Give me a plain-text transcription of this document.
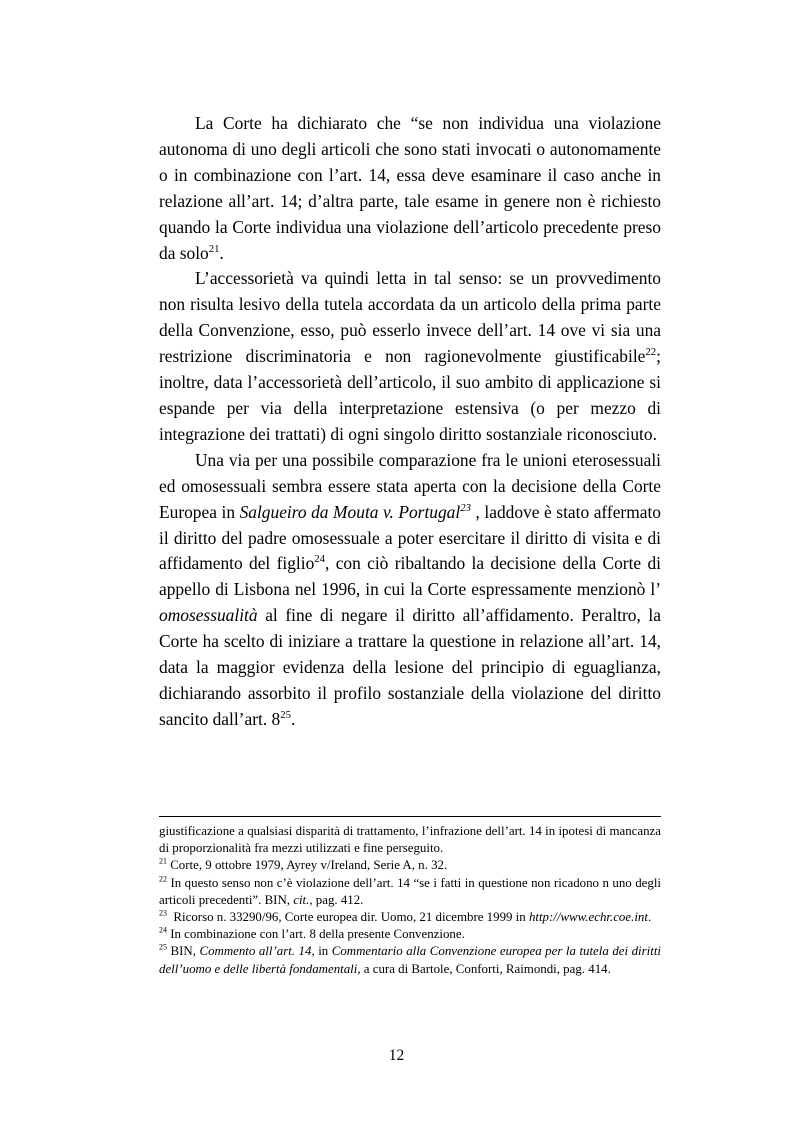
La Corte ha dichiarato che “se non individua una violazione autonoma di uno degli articoli che sono stati invocati o autonomamente o in combinazione con l’art. 14, essa deve esaminare il caso anche in relazione all’art. 14; d’altra parte, tale esame in genere non è richiesto quando la Corte individua una violazione dell’articolo precedente preso da solo$^{21}$.

L’accessorietà va quindi letta in tal senso: se un provvedimento non risulta lesivo della tutela accordata da un articolo della prima parte della Convenzione, esso, può esserlo invece dell’art. 14 ove vi sia una restrizione discriminatoria e non ragionevolmente giustificabile$^{22}$; inoltre, data l’accessorietà dell’articolo, il suo ambito di applicazione si espande per via della interpretazione estensiva (o per mezzo di integrazione dei trattati) di ogni singolo diritto sostanziale riconosciuto.

Una via per una possibile comparazione fra le unioni eterosessuali ed omosessuali sembra essere stata aperta con la decisione della Corte Europea in Salgueiro da Mouta v. Portugal$^{23}$ , laddove è stato affermato il diritto del padre omosessuale a poter esercitare il diritto di visita e di affidamento del figlio$^{24}$, con ciò ribaltando la decisione della Corte di appello di Lisbona nel 1996, in cui la Corte espressamente menzionò l’ omosessualità al fine di negare il diritto all’affidamento. Peraltro, la Corte ha scelto di iniziare a trattare la questione in relazione all’art. 14, data la maggior evidenza della lesione del principio di eguaglianza, dichiarando assorbito il profilo sostanziale della violazione del diritto sancito dall’art. $8^{25}$.

giustificazione a qualsiasi disparità di trattamento, l’infrazione dell’art. 14 in ipotesi di mancanza di proporzionalità fra mezzi utilizzati e fine perseguito.

$^{21}$ Corte, 9 ottobre 1979, Ayrey v/Ireland, Serie A, n. 32.

$^{22}$ In questo senso non c’è violazione dell’art. 14 “se i fatti in questione non ricadono n uno degli articoli precedenti”. BIN, cit., pag. 412.

$^{23}$  Ricorso n. 33290/96, Corte europea dir. Uomo, 21 dicembre 1999 in http://www.echr.coe.int.

$^{24}$ In combinazione con l’art. 8 della presente Convenzione.

$^{25}$ BIN, Commento all’art. 14, in Commentario alla Convenzione europea per la tutela dei diritti dell’uomo e delle libertà fondamentali, a cura di Bartole, Conforti, Raimondi, pag. 414.

12
